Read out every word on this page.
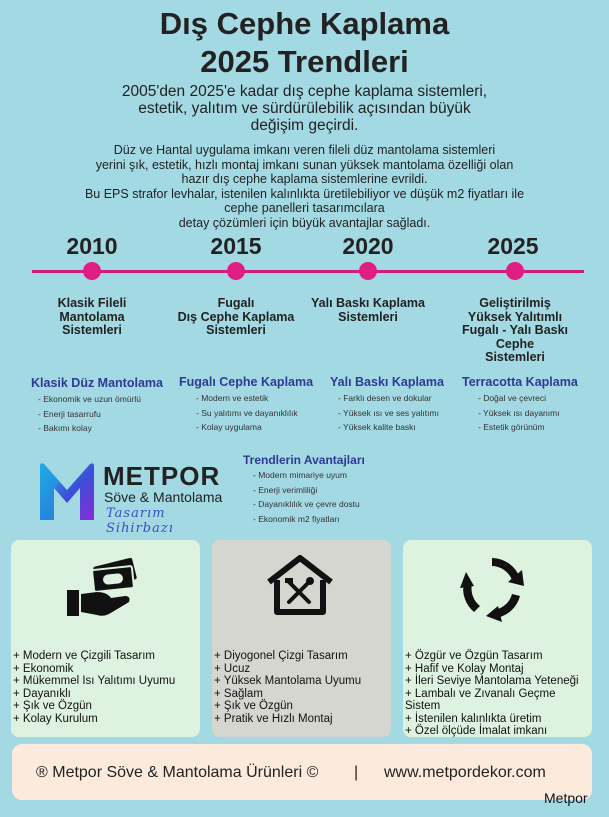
Dış Cephe Kaplama
2025 Trendleri
2005'den 2025'e kadar dış cephe kaplama sistemleri,
estetik, yalıtım ve sürdürülebilik açısından büyük
değişim geçirdi.
Düz ve Hantal uygulama imkanı veren fileli düz mantolama sistemleri
yerini şık, estetik, hızlı montaj imkanı sunan yüksek mantolama özelliği olan
hazır dış cephe kaplama sistemlerine evrildi.
Bu EPS strafor levhalar, istenilen kalınlıkta üretilebiliyor ve düşük m2 fiyatları ile
cephe panelleri tasarımcılara
detay çözümleri için büyük avantajlar sağladı.
2010	2015	2020	2025
Klasik Fileli
Mantolama
Sistemleri
Fugalı
Dış Cephe Kaplama
Sistemleri
Yalı Baskı Kaplama
Sistemleri
Geliştirilmiş
Yüksek Yalıtımlı
Fugalı - Yalı Baskı
Cephe
Sistemleri
Klasik Düz Mantolama
- Ekonomik ve uzun ömürlü
- Enerji tasarrufu
- Bakımı kolay
Fugalı Cephe Kaplama
- Modern ve estetik
- Su yalıtımı ve dayanıklılık
- Kolay uygulama
Yalı Baskı Kaplama
- Farklı desen ve dokular
- Yüksek ısı ve ses yalıtımı
- Yüksek kalite baskı
Terracotta Kaplama
- Doğal ve çevreci
- Yüksek ısı dayanımı
- Estetik görünüm
METPOR
Söve & Mantolama
Tasarım Sihirbazı
Trendlerin Avantajları
- Modern mimariye uyum
- Enerji verimliliği
- Dayanıklılık ve çevre dostu
- Ekonomik m2 fiyatları
+ Modern ve Çizgili Tasarım
+ Ekonomik
+ Mükemmel Isı Yalıtımı Uyumu
+ Dayanıklı
+ Şık ve Özgün
+ Kolay Kurulum
+ Diyogonel Çizgi Tasarım
+ Ucuz
+ Yüksek Mantolama Uyumu
+ Sağlam
+ Şık ve Özgün
+ Pratik ve Hızlı Montaj
+ Özgür ve Özgün Tasarım
+ Hafif ve Kolay Montaj
+ İleri Seviye Mantolama Yeteneği
+ Lambalı ve Zıvanalı Geçme Sistem
+ İstenilen kalınlıkta üretim
+ Özel ölçüde İmalat imkanı
® Metpor Söve & Mantolama Ürünleri © | www.metpordekor.com
Metpor
